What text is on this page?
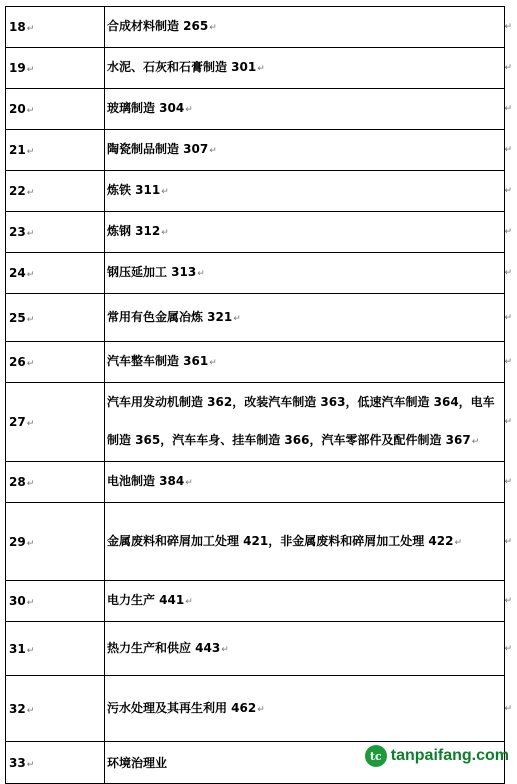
18↵	合成材料制造 265↵ ↵

19↵	水泥、石灰和石膏制造 301↵ ↵

20↵	玻璃制造 304↵ ↵

21↵	陶瓷制品制造 307↵ ↵

22↵	炼铁 311↵ ↵

23↵	炼钢 312↵ ↵

24↵	钢压延加工 313↵ ↵

25↵	常用有色金属冶炼 321↵ ↵

26↵	汽车整车制造 361↵ ↵

27↵	汽车用发动机制造 362，改装汽车制造 363，低速汽车制造 364，电车制造 365，汽车车身、挂车制造 366，汽车零部件及配件制造 367↵
↵

28↵	电池制造 384↵ ↵

29↵	金属废料和碎屑加工处理 421，非金属废料和碎屑加工处理 422↵ ↵

30↵	电力生产 441↵ ↵

31↵	热力生产和供应 443↵ ↵

32↵	污水处理及其再生利用 462↵ ↵

33↵	环境治理业	tc tanpaifang.com
